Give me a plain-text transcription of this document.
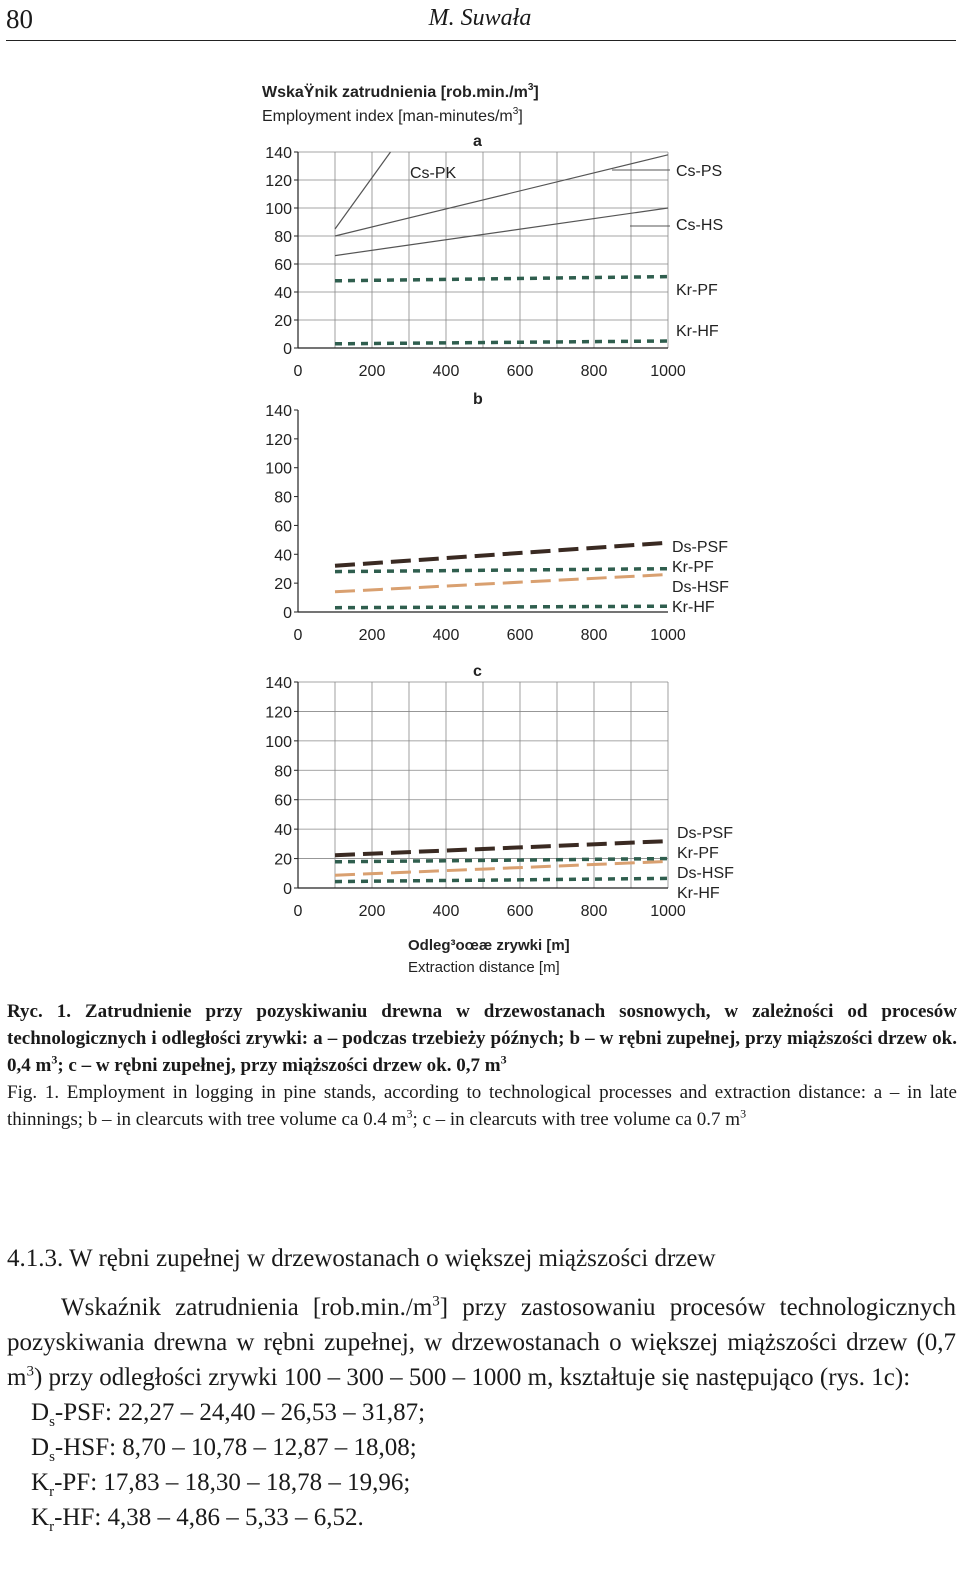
80	M. Suwała
WskaŸnik zatrudnienia $[rob.\min./m^3]$
Employment index $[man-minutes/m^3]$
a
0
20
40
60
80
100
120
140
0	200	400	600	800	1000
Cs-PK	Cs-PS
Cs-HS
Kr-PF
Kr-HF
b
0
20
40
60
80
100
120
140
0	200	400	600	800	1000
Ds-PSF
Kr-PF
Ds-HSF
Kr-HF
c
0
20
40
60
80
100
120
140
0	200	400	600	800	1000
Ds-PSF
Kr-PF
Ds-HSF
Kr-HF
Odleg³oœæ zrywki [m]
Extraction distance [m]
Ryc. 1. Zatrudnienie przy pozyskiwaniu drewna w drzewostanach sosnowych, w zależności od procesów technologicznych i odległości zrywki: a – podczas trzebieży późnych; b – w rębni zupełnej, przy miąższości drzew ok. 0,4 $m^3$; c – w rębni zupełnej, przy miąższości drzew ok. 0,7 $m^3$
Fig. 1. Employment in logging in pine stands, according to technological processes and extraction distance: a – in late thinnings; b – in clearcuts with tree volume ca 0.4 $m^3$; c – in clearcuts with tree volume ca 0.7 $m^3$
4.1.3. W rębni zupełnej w drzewostanach o większej miąższości drzew
Wskaźnik zatrudnienia $[rob.\min./m^3]$ przy zastosowaniu procesów technologicznych pozyskiwania drewna w rębni zupełnej, w drzewostanach o większej miąższości drzew (0,7 $m^3$) przy odległości zrywki 100 – 300 – 500 – 1000 m, kształtuje się następująco (rys. 1c):
$D_s$-PSF: 22,27 – 24,40 – 26,53 – 31,87;
$D_s$-HSF: 8,70 – 10,78 – 12,87 – 18,08;
$K_r-PF$: 17,83 – 18,30 – 18,78 – 19,96;
$K_r-HF$: 4,38 – 4,86 – 5,33 – 6,52.
